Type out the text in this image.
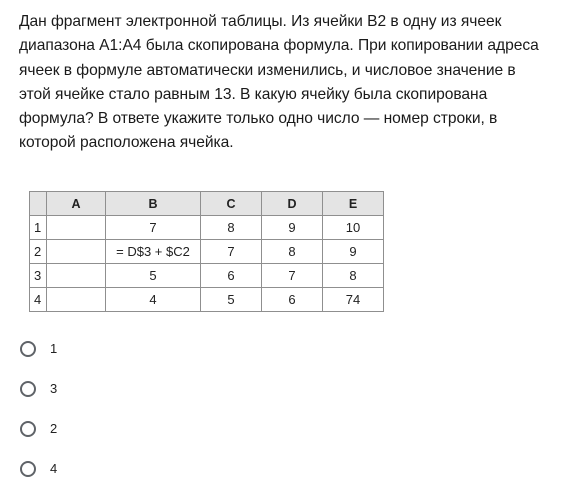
Дан фрагмент электронной таблицы. Из ячейки B2 в одну из ячеек
диапазона A1:A4 была скопирована формула. При копировании адреса
ячеек в формуле автоматически изменились, и числовое значение в
этой ячейке стало равным 13. В какую ячейку была скопирована
формула? В ответе укажите только одно число — номер строки, в
которой расположена ячейка.

	A	B	C	D	E
1		7	8	9	10
2		= D$3 + $C2	7	8	9
3		5	6	7	8
4		4	5	6	74
1
3
2
4
